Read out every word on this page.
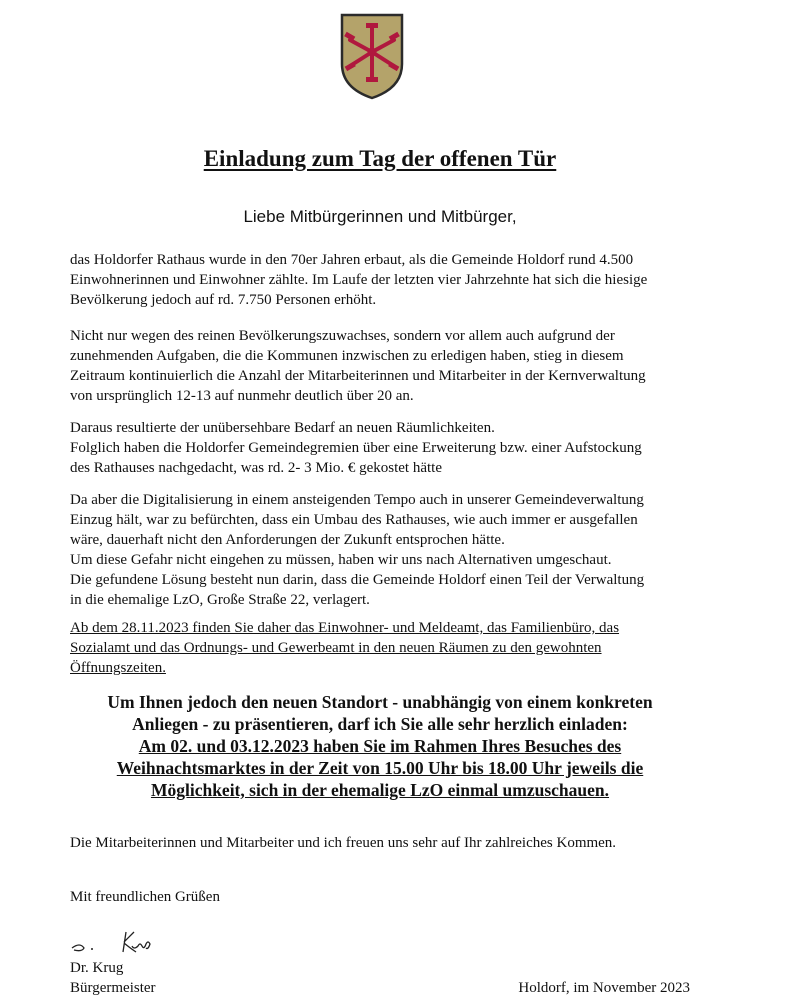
Einladung zum Tag der offenen Tür
Liebe Mitbürgerinnen und Mitbürger,

das Holdorfer Rathaus wurde in den 70er Jahren erbaut, als die Gemeinde Holdorf rund 4.500
Einwohnerinnen und Einwohner zählte. Im Laufe der letzten vier Jahrzehnte hat sich die hiesige
Bevölkerung jedoch auf rd. 7.750 Personen erhöht.

Nicht nur wegen des reinen Bevölkerungszuwachses, sondern vor allem auch aufgrund der
zunehmenden Aufgaben, die die Kommunen inzwischen zu erledigen haben, stieg in diesem
Zeitraum kontinuierlich die Anzahl der Mitarbeiterinnen und Mitarbeiter in der Kernverwaltung
von ursprünglich 12-13 auf nunmehr deutlich über 20 an.

Daraus resultierte der unübersehbare Bedarf an neuen Räumlichkeiten.
Folglich haben die Holdorfer Gemeindegremien über eine Erweiterung bzw. einer Aufstockung
des Rathauses nachgedacht, was rd. 2- 3 Mio. € gekostet hätte

Da aber die Digitalisierung in einem ansteigenden Tempo auch in unserer Gemeindeverwaltung
Einzug hält, war zu befürchten, dass ein Umbau des Rathauses, wie auch immer er ausgefallen
wäre, dauerhaft nicht den Anforderungen der Zukunft entsprochen hätte.
Um diese Gefahr nicht eingehen zu müssen, haben wir uns nach Alternativen umgeschaut.
Die gefundene Lösung besteht nun darin, dass die Gemeinde Holdorf einen Teil der Verwaltung
in die ehemalige LzO, Große Straße 22, verlagert.

Ab dem 28.11.2023 finden Sie daher das Einwohner- und Meldeamt, das Familienbüro, das
Sozialamt und das Ordnungs- und Gewerbeamt in den neuen Räumen zu den gewohnten
Öffnungszeiten.

Um Ihnen jedoch den neuen Standort - unabhängig von einem konkreten
Anliegen - zu präsentieren, darf ich Sie alle sehr herzlich einladen:
Am 02. und 03.12.2023 haben Sie im Rahmen Ihres Besuches des
Weihnachtsmarktes in der Zeit von 15.00 Uhr bis 18.00 Uhr jeweils die
Möglichkeit, sich in der ehemalige LzO einmal umzuschauen.

Die Mitarbeiterinnen und Mitarbeiter und ich freuen uns sehr auf Ihr zahlreiches Kommen.

Mit freundlichen Grüßen

Dr. Krug

Bürgermeister	Holdorf, im November 2023
